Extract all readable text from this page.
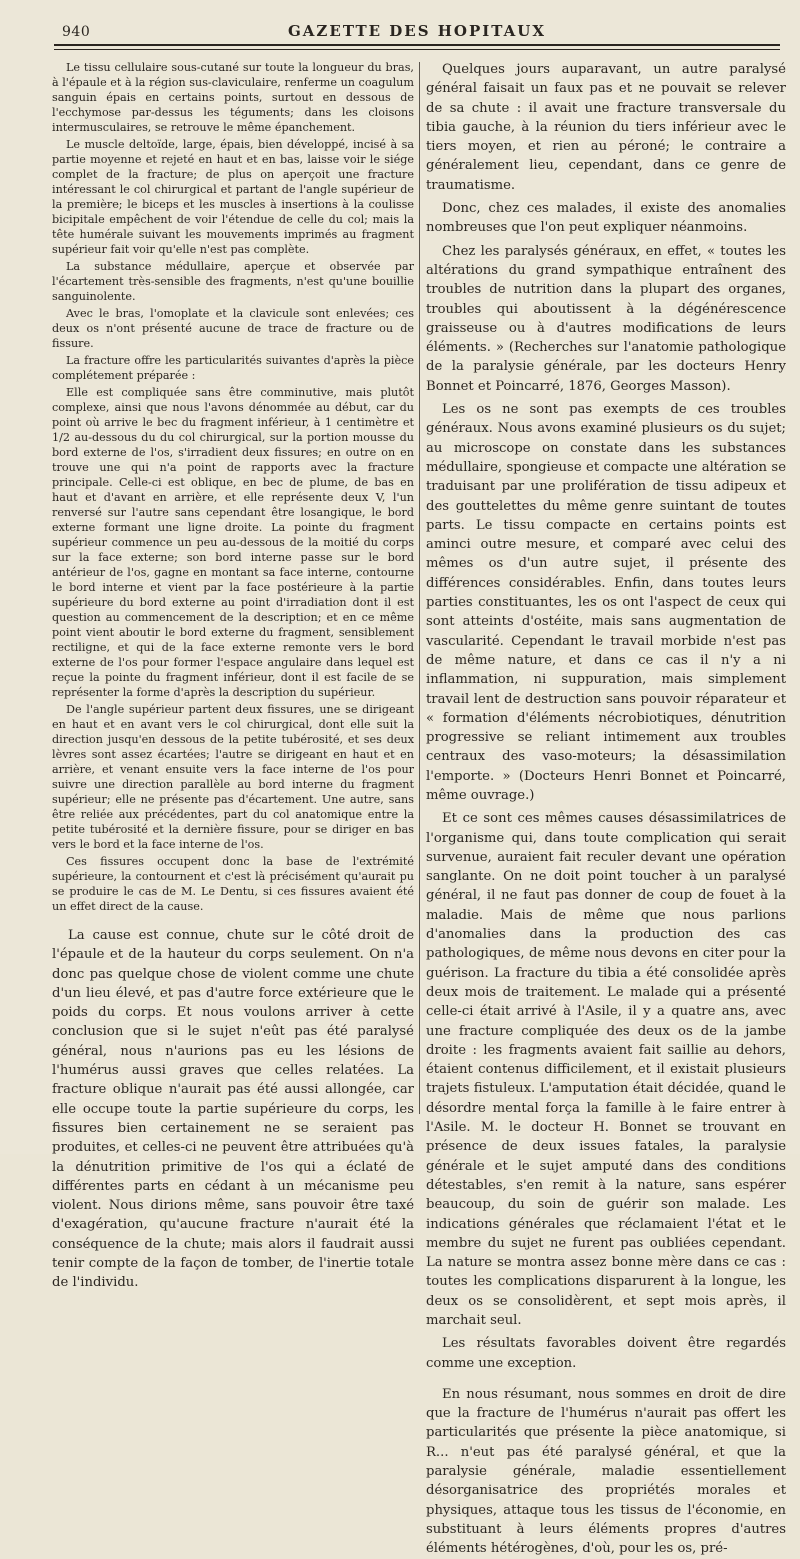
940	GAZETTE DES HOPITAUX

Le tissu cellulaire sous-cutané sur toute la longueur du bras, à l'épaule et à la région sus-claviculaire, renferme un coagulum sanguin épais en certains points, surtout en dessous de l'ecchymose par-dessus les téguments; dans les cloisons intermusculaires, se retrouve le même épanchement.

Le muscle deltoïde, large, épais, bien développé, incisé à sa partie moyenne et rejeté en haut et en bas, laisse voir le siége complet de la fracture; de plus on aperçoit une fracture intéressant le col chirurgical et partant de l'angle supérieur de la première; le biceps et les muscles à insertions à la coulisse bicipitale empêchent de voir l'étendue de celle du col; mais la tête humérale suivant les mouvements imprimés au fragment supérieur fait voir qu'elle n'est pas complète.

La substance médullaire, aperçue et observée par l'écartement très-sensible des fragments, n'est qu'une bouillie sanguinolente.

Avec le bras, l'omoplate et la clavicule sont enlevées; ces deux os n'ont présenté aucune de trace de fracture ou de fissure.

La fracture offre les particularités suivantes d'après la pièce complétement préparée :

Elle est compliquée sans être comminutive, mais plutôt complexe, ainsi que nous l'avons dénommée au début, car du point où arrive le bec du fragment inférieur, à 1 centimètre et 1/2 au-dessous du du col chirurgical, sur la portion mousse du bord externe de l'os, s'irradient deux fissures; en outre on en trouve une qui n'a point de rapports avec la fracture principale. Celle-ci est oblique, en bec de plume, de bas en haut et d'avant en arrière, et elle représente deux V, l'un renversé sur l'autre sans cependant être losangique, le bord externe formant une ligne droite. La pointe du fragment supérieur commence un peu au-dessous de la moitié du corps sur la face externe; son bord interne passe sur le bord antérieur de l'os, gagne en montant sa face interne, contourne le bord interne et vient par la face postérieure à la partie supérieure du bord externe au point d'irradiation dont il est question au commencement de la description; et en ce même point vient aboutir le bord externe du fragment, sensiblement rectiligne, et qui de la face externe remonte vers le bord externe de l'os pour former l'espace angulaire dans lequel est reçue la pointe du fragment inférieur, dont il est facile de se représenter la forme d'après la description du supérieur.

De l'angle supérieur partent deux fissures, une se dirigeant en haut et en avant vers le col chirurgical, dont elle suit la direction jusqu'en dessous de la petite tubérosité, et ses deux lèvres sont assez écartées; l'autre se dirigeant en haut et en arrière, et venant ensuite vers la face interne de l'os pour suivre une direction parallèle au bord interne du fragment supérieur; elle ne présente pas d'écartement. Une autre, sans être reliée aux précédentes, part du col anatomique entre la petite tubérosité et la dernière fissure, pour se diriger en bas vers le bord et la face interne de l'os.

Ces fissures occupent donc la base de l'extrémité supérieure, la contournent et c'est là précisément qu'aurait pu se produire le cas de M. Le Dentu, si ces fissures avaient été un effet direct de la cause.

La cause est connue, chute sur le côté droit de l'épaule et de la hauteur du corps seulement. On n'a donc pas quelque chose de violent comme une chute d'un lieu élevé, et pas d'autre force extérieure que le poids du corps. Et nous voulons arriver à cette conclusion que si le sujet n'eût pas été paralysé général, nous n'aurions pas eu les lésions de l'humérus aussi graves que celles relatées. La fracture oblique n'aurait pas été aussi allongée, car elle occupe toute la partie supérieure du corps, les fissures bien certainement ne se seraient pas produites, et celles-ci ne peuvent être attribuées qu'à la dénutrition primitive de l'os qui a éclaté de différentes parts en cédant à un mécanisme peu violent. Nous dirions même, sans pouvoir être taxé d'exagération, qu'aucune fracture n'aurait été la conséquence de la chute; mais alors il faudrait aussi tenir compte de la façon de tomber, de l'inertie totale de l'individu.

Quelques jours auparavant, un autre paralysé général faisait un faux pas et ne pouvait se relever de sa chute : il avait une fracture transversale du tibia gauche, à la réunion du tiers inférieur avec le tiers moyen, et rien au péroné; le contraire a généralement lieu, cependant, dans ce genre de traumatisme.

Donc, chez ces malades, il existe des anomalies nombreuses que l'on peut expliquer néanmoins.

Chez les paralysés généraux, en effet, « toutes les altérations du grand sympathique entraînent des troubles de nutrition dans la plupart des organes, troubles qui aboutissent à la dégénérescence graisseuse ou à d'autres modifications de leurs éléments. » (Recherches sur l'anatomie pathologique de la paralysie générale, par les docteurs Henry Bonnet et Poincarré, 1876, Georges Masson).

Les os ne sont pas exempts de ces troubles généraux. Nous avons examiné plusieurs os du sujet; au microscope on constate dans les substances médullaire, spongieuse et compacte une altération se traduisant par une prolifération de tissu adipeux et des gouttelettes du même genre suintant de toutes parts. Le tissu compacte en certains points est aminci outre mesure, et comparé avec celui des mêmes os d'un autre sujet, il présente des différences considérables. Enfin, dans toutes leurs parties constituantes, les os ont l'aspect de ceux qui sont atteints d'ostéite, mais sans augmentation de vascularité. Cependant le travail morbide n'est pas de même nature, et dans ce cas il n'y a ni inflammation, ni suppuration, mais simplement travail lent de destruction sans pouvoir réparateur et « formation d'éléments nécrobiotiques, dénutrition progressive se reliant intimement aux troubles centraux des vaso-moteurs; la désassimilation l'emporte. » (Docteurs Henri Bonnet et Poincarré, même ouvrage.)

Et ce sont ces mêmes causes désassimilatrices de l'organisme qui, dans toute complication qui serait survenue, auraient fait reculer devant une opération sanglante. On ne doit point toucher à un paralysé général, il ne faut pas donner de coup de fouet à la maladie. Mais de même que nous parlions d'anomalies dans la production des cas pathologiques, de même nous devons en citer pour la guérison. La fracture du tibia a été consolidée après deux mois de traitement. Le malade qui a présenté celle-ci était arrivé à l'Asile, il y a quatre ans, avec une fracture compliquée des deux os de la jambe droite : les fragments avaient fait saillie au dehors, étaient contenus difficilement, et il existait plusieurs trajets fistuleux. L'amputation était décidée, quand le désordre mental força la famille à le faire entrer à l'Asile. M. le docteur H. Bonnet se trouvant en présence de deux issues fatales, la paralysie générale et le sujet amputé dans des conditions détestables, s'en remit à la nature, sans espérer beaucoup, du soin de guérir son malade. Les indications générales que réclamaient l'état et le membre du sujet ne furent pas oubliées cependant. La nature se montra assez bonne mère dans ce cas : toutes les complications disparurent à la longue, les deux os se consolidèrent, et sept mois après, il marchait seul.

Les résultats favorables doivent être regardés comme une exception.

En nous résumant, nous sommes en droit de dire que la fracture de l'humérus n'aurait pas offert les particularités que présente la pièce anatomique, si R... n'eut pas été paralysé général, et que la paralysie générale, maladie essentiellement désorganisatrice des propriétés morales et physiques, attaque tous les tissus de l'économie, en substituant à leurs éléments propres d'autres éléments hétérogènes, d'où, pour les os, pré-
